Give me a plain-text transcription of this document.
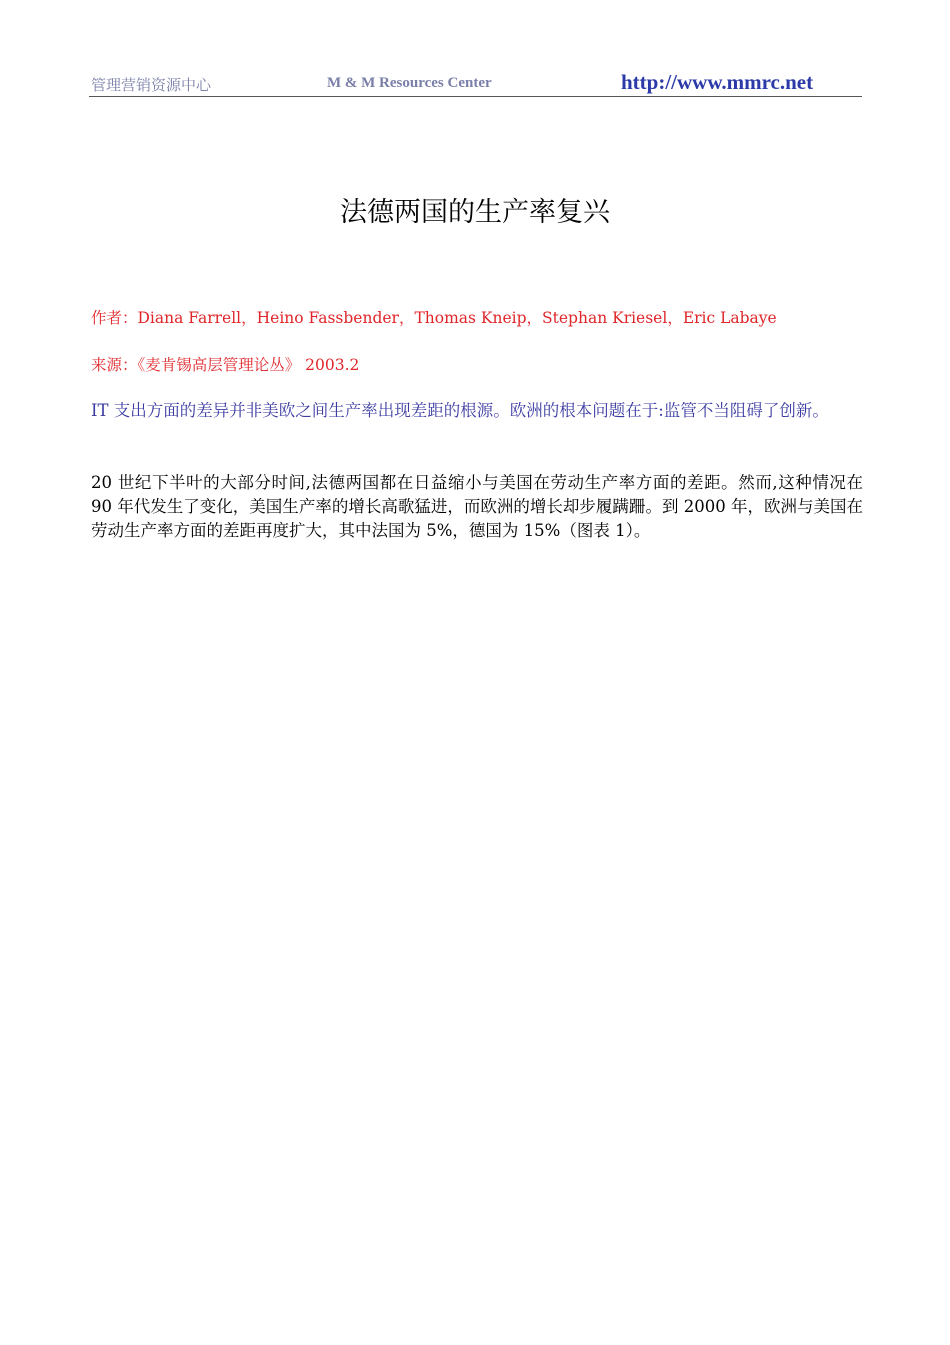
管理营销资源中心	M & M Resources Center	http://www.mmrc.net
法德两国的生产率复兴
作者：Diana Farrell，Heino Fassbender，Thomas Kneip，Stephan Kriesel，Eric Labaye
来源：《麦肯锡高层管理论丛》 2003.2
IT 支出方面的差异并非美欧之间生产率出现差距的根源。欧洲的根本问题在于:监管不当阻碍了创新。
20 世纪下半叶的大部分时间,法德两国都在日益缩小与美国在劳动生产率方面的差距。然而,这种情况在 90 年代发生了变化，美国生产率的增长高歌猛进，而欧洲的增长却步履蹒跚。到 2000 年，欧洲与美国在劳动生产率方面的差距再度扩大，其中法国为 5%，德国为 15%（图表 1）。
